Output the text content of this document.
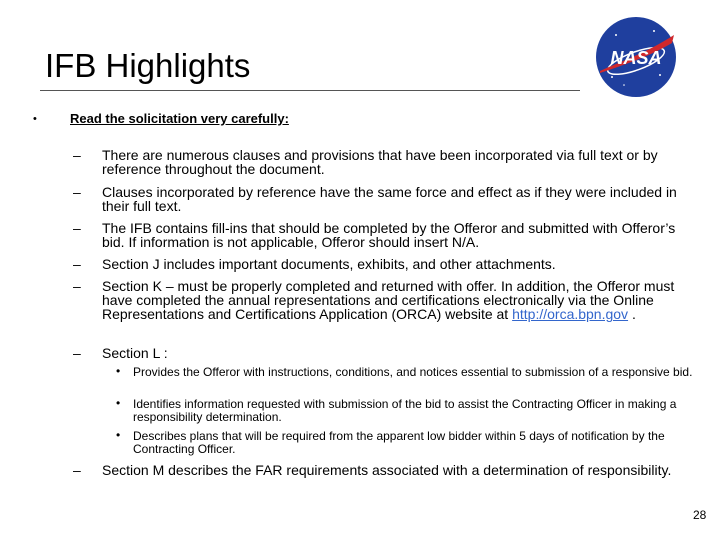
IFB Highlights	NASA
•	Read the solicitation very carefully:
– There are numerous clauses and provisions that have been incorporated via full text or by reference throughout the document.
– Clauses incorporated by reference have the same force and effect as if they were included in their full text.
– The IFB contains fill-ins that should be completed by the Offeror and submitted with Offeror’s bid. If information is not applicable, Offeror should insert N/A.
– Section J includes important documents, exhibits, and other attachments.
– Section K – must be properly completed and returned with offer. In addition, the Offeror must have completed the annual representations and certifications electronically via the Online Representations and Certifications Application (ORCA) website at http://orca.bpn.gov .
– Section L :
• Provides the Offeror with instructions, conditions, and notices essential to submission of a responsive bid.
• Identifies information requested with submission of the bid to assist the Contracting Officer in making a responsibility determination.
• Describes plans that will be required from the apparent low bidder within 5 days of notification by the Contracting Officer.
– Section M describes the FAR requirements associated with a determination of responsibility.
28
